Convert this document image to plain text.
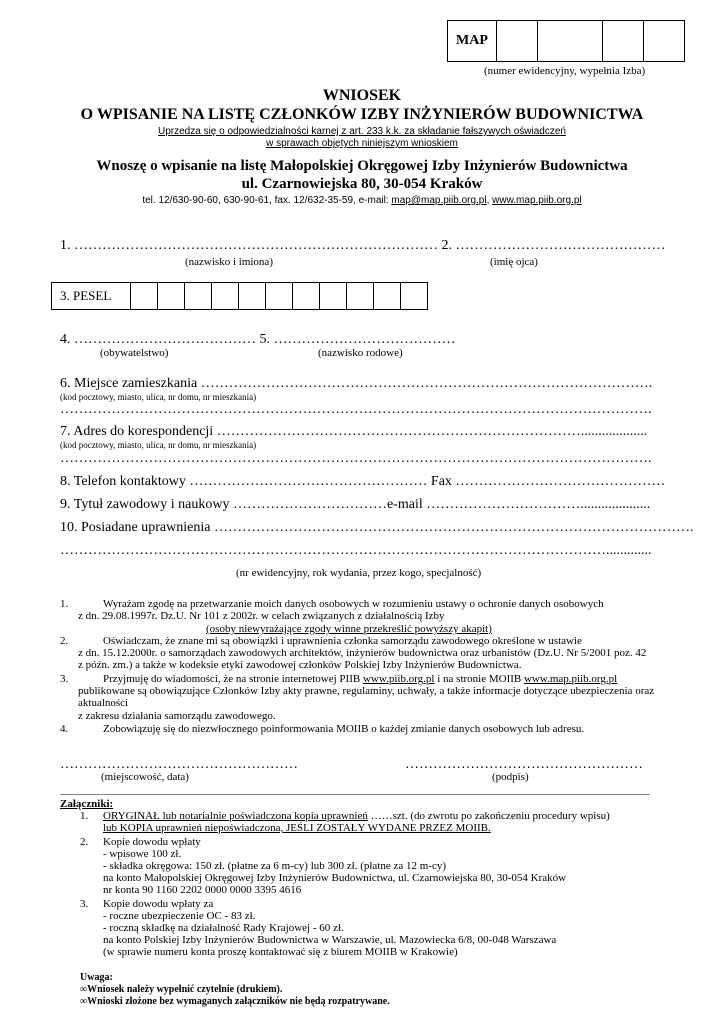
MAP				
(numer ewidencyjny, wypełnia Izba)
WNIOSEK
O WPISANIE NA LISTĘ CZŁONKÓW IZBY INŻYNIERÓW BUDOWNICTWA
Uprzedza się o odpowiedzialności karnej z art. 233 k.k. za składanie fałszywych oświadczeń
w sprawach objętych niniejszym wnioskiem
Wnoszę o wpisanie na listę Małopolskiej Okręgowej Izby Inżynierów Budownictwa
ul. Czarnowiejska 80, 30-054 Kraków
tel. 12/630-90-60, 630-90-61, fax. 12/632-35-59, e-mail: map@map.piib.org.pl, www.map.piib.org.pl
1. …………………………………………………………………… 2. ………………………………………
(nazwisko i imiona)	(imię ojca)
3. PESEL											
4. ………………………………… 5. …………………………………
(obywatelstwo)	(nazwisko rodowe)
6. Miejsce zamieszkania …………………………………………………………………………………….
(kod pocztowy, miasto, ulica, nr domu, nr mieszkania)
……………………………………………………………………………………………………………….
7. Adres do korespondencji ……………………………………………………………………...................
(kod pocztowy, miasto, ulica, nr domu, nr mieszkania)
……………………………………………………………………………………………………………….
8. Telefon kontaktowy …………………………………………… Fax ………………………………………
9. Tytuł zawodowy i naukowy ……………………………e-mail ……………………………....................
10. Posiadane uprawnienia ………………………………………………………………………………………….
……………………………………………………………………………………………………….............
(nr ewidencyjny, rok wydania, przez kogo, specjalność)
1.	Wyrażam zgodę na przetwarzanie moich danych osobowych w rozumieniu ustawy o ochronie danych osobowych
z dn. 29.08.1997r. Dz.U. Nr 101 z 2002r. w celach związanych z działalnością Izby
(osoby niewyrażające zgody winne przekreślić powyższy akapit)
2.	Oświadczam, że znane mi są obowiązki i uprawnienia członka samorządu zawodowego określone w ustawie
z dn. 15.12.2000r. o samorządach zawodowych architektów, inżynierów budownictwa oraz urbanistów (Dz.U. Nr 5/2001 poz. 42
z późn. zm.) a także w kodeksie etyki zawodowej członków Polskiej Izby Inżynierów Budownictwa.
3.	Przyjmuję do wiadomości, że na stronie internetowej PIIB www.piib.org.pl i na stronie MOIIB www.map.piib.org.pl
publikowane są obowiązujące Członków Izby akty prawne, regulaminy, uchwały, a także informacje dotyczące ubezpieczenia oraz
aktualności
z zakresu działania samorządu zawodowego.
4.	Zobowiązuję się do niezwłocznego poinformowania MOIIB o każdej zmianie danych osobowych lub adresu.
……………………………………………	……………………………………………
(miejscowość, data)	(podpis)
Załączniki:
1. ORYGINAŁ lub notarialnie poświadczona kopia uprawnień ……szt. (do zwrotu po zakończeniu procedury wpisu)
lub KOPIA uprawnień niepoświadczona, JEŚLI ZOSTAŁY WYDANE PRZEZ MOIIB.
2. Kopie dowodu wpłaty
- wpisowe 100 zł.
- składka okręgowa: 150 zł. (płatne za 6 m-cy) lub 300 zł. (płatne za 12 m-cy)
na konto Małopolskiej Okręgowej Izby Inżynierów Budownictwa, ul. Czarnowiejska 80, 30-054 Kraków
nr konta 90 1160 2202 0000 0000 3395 4616
3. Kopie dowodu wpłaty za
- roczne ubezpieczenie OC - 83 zł.
- roczną składkę na działalność Rady Krajowej - 60 zł.
na konto Polskiej Izby Inżynierów Budownictwa w Warszawie, ul. Mazowiecka 6/8, 00-048 Warszawa
(w sprawie numeru konta proszę kontaktować się z biurem MOIIB w Krakowie)
Uwaga:
∞Wniosek należy wypełnić czytelnie (drukiem).
∞Wnioski złożone bez wymaganych załączników nie będą rozpatrywane.
